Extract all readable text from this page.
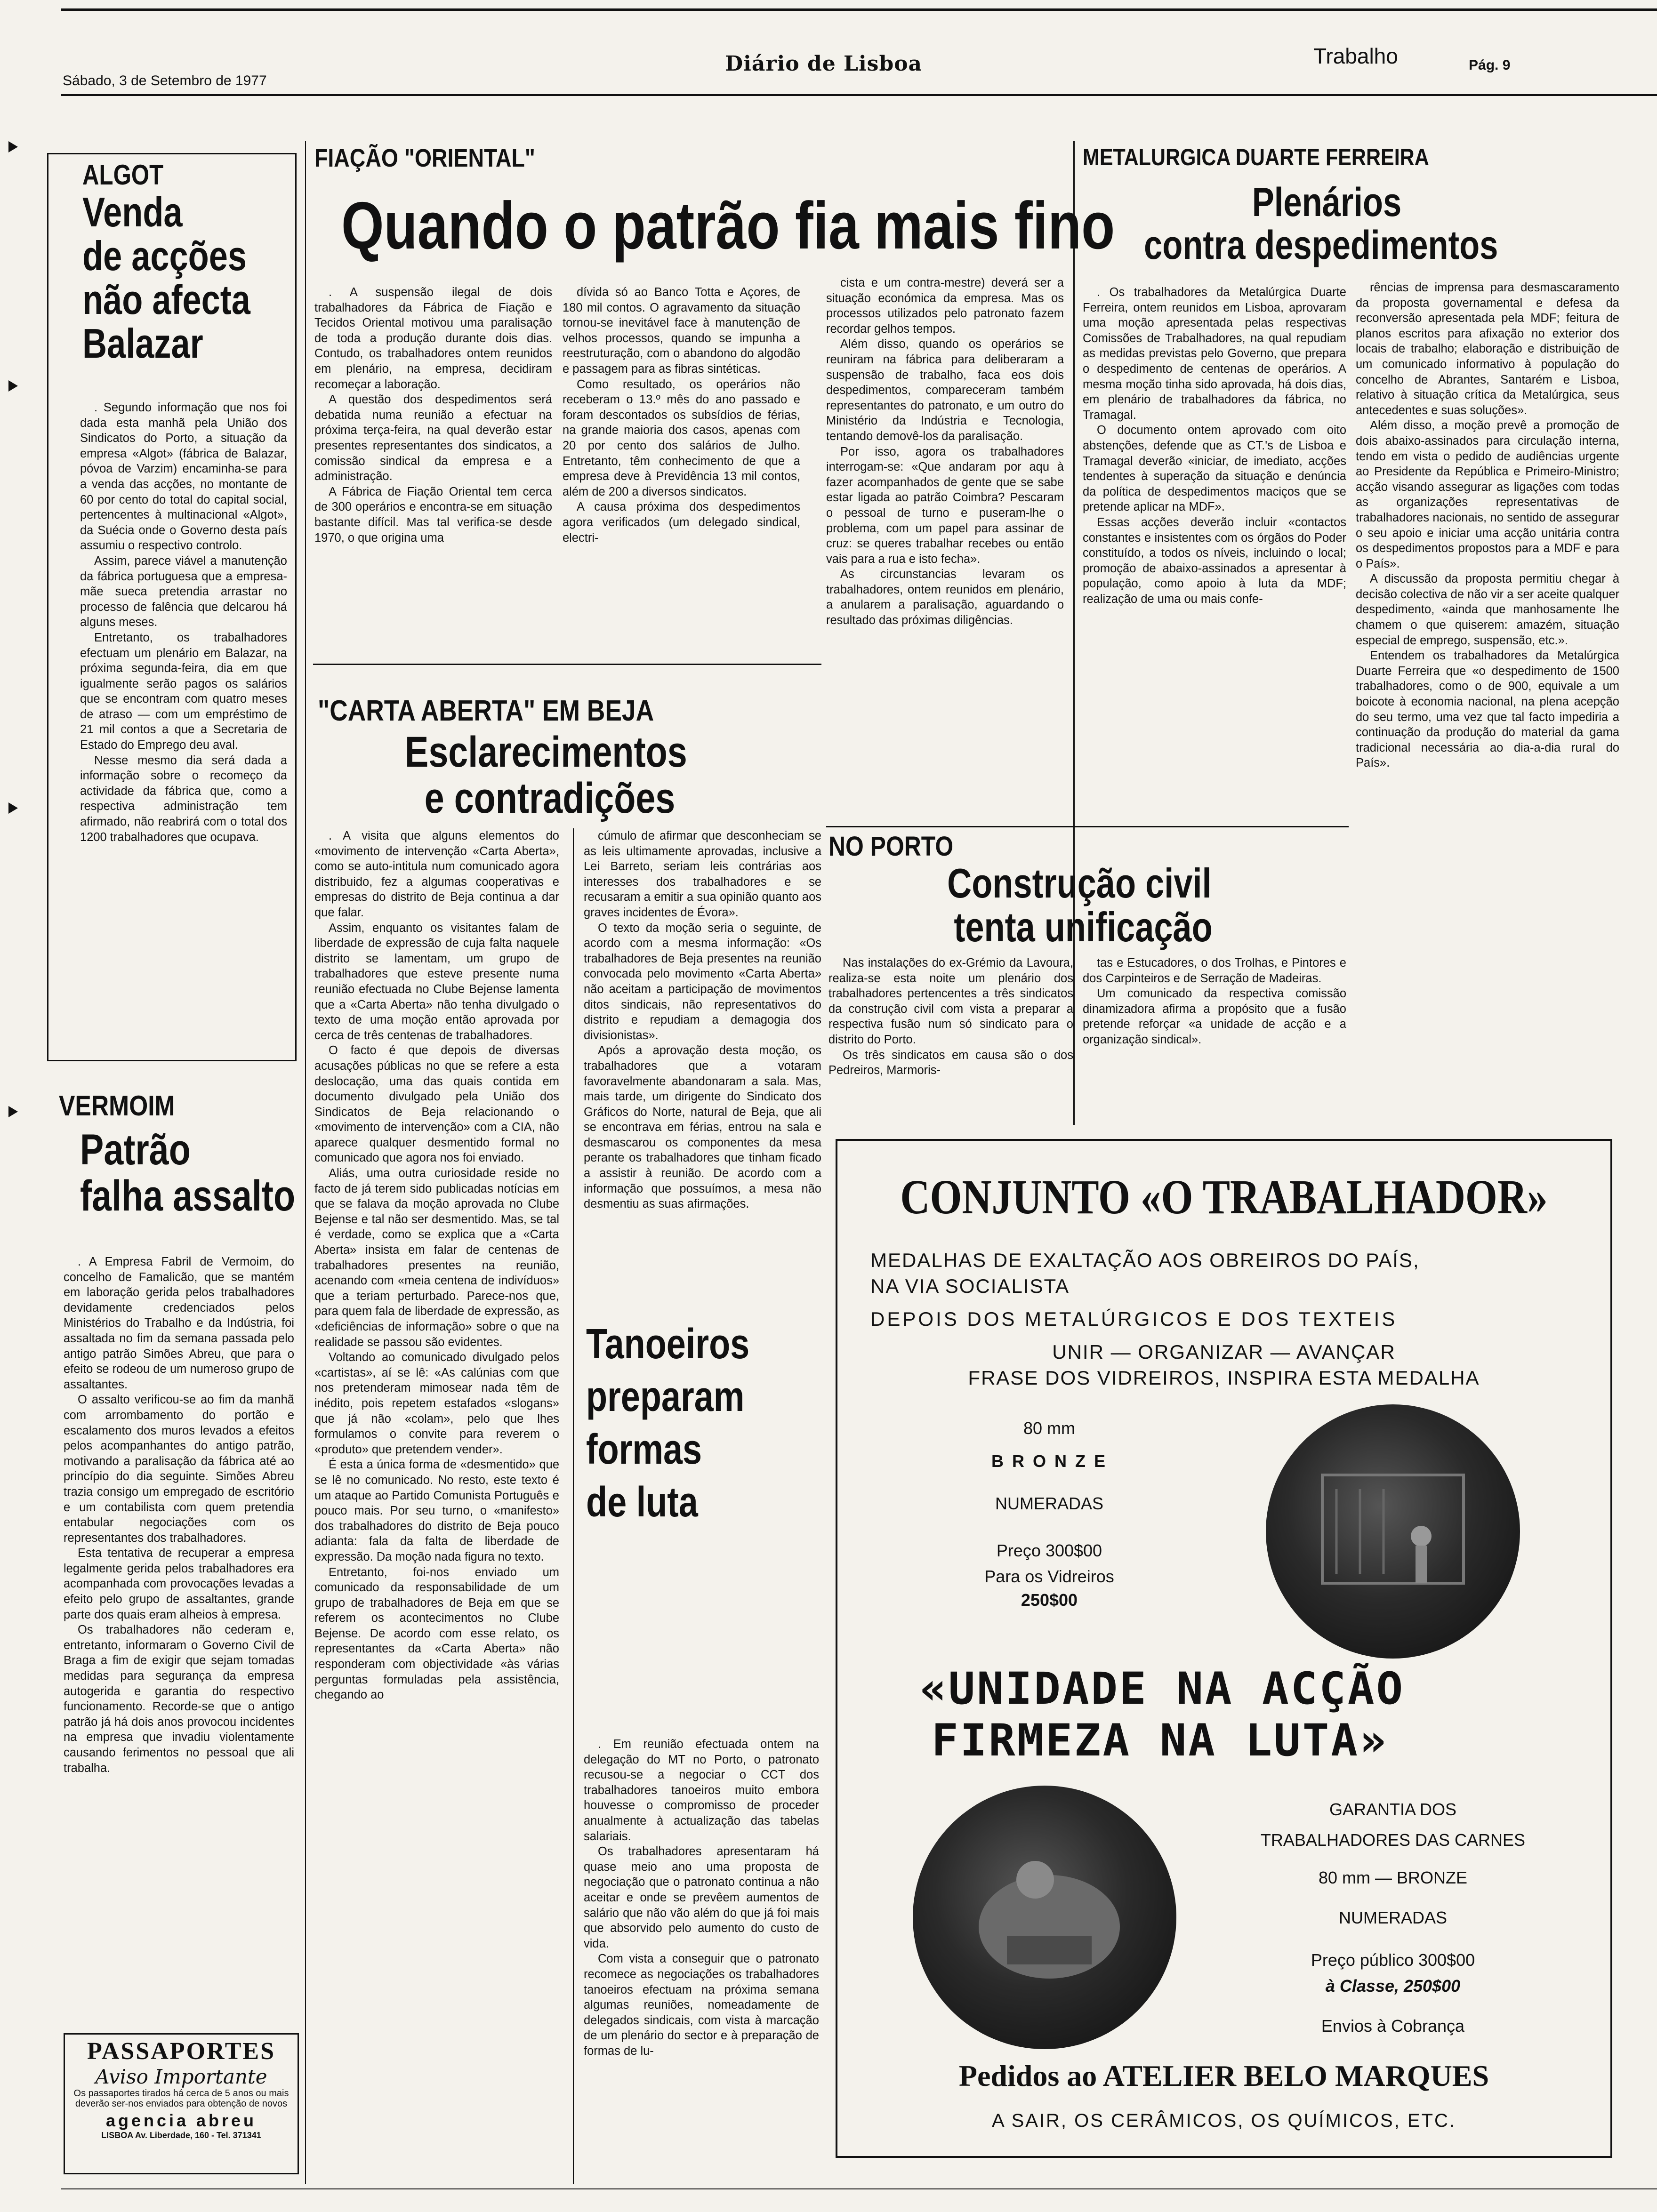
Sábado, 3 de Setembro de 1977
Diário de Lisboa	Trabalho	Pág. 9
ALGOT
Venda
de acções
não afecta
Balazar

. Segundo informação que nos foi dada esta manhã pela União dos Sindicatos do Porto, a situação da empresa «Algot» (fábrica de Balazar, póvoa de Varzim) encaminha-se para a venda das acções, no montante de 60 por cento do total do capital social, pertencentes à multinacional «Algot», da Suécia onde o Governo desta país assumiu o respectivo controlo.

Assim, parece viável a manutenção da fábrica portuguesa que a empresa-mãe sueca pretendia arrastar no processo de falência que delcarou há alguns meses.

Entretanto, os trabalhadores efectuam um plenário em Balazar, na próxima segunda-feira, dia em que igualmente serão pagos os salários que se encontram com quatro meses de atraso — com um empréstimo de 21 mil contos a que a Secretaria de Estado do Emprego deu aval.

Nesse mesmo dia será dada a informação sobre o recomeço da actividade da fábrica que, como a respectiva administração tem afirmado, não reabrirá com o total dos 1200 trabalhadores que ocupava.

VERMOIM
Patrão
falha assalto

. A Empresa Fabril de Vermoim, do concelho de Famalicão, que se mantém em laboração gerida pelos trabalhadores devidamente credenciados pelos Ministérios do Trabalho e da Indústria, foi assaltada no fim da semana passada pelo antigo patrão Simões Abreu, que para o efeito se rodeou de um numeroso grupo de assaltantes.

O assalto verificou-se ao fim da manhã com arrombamento do portão e escalamento dos muros levados a efeitos pelos acompanhantes do antigo patrão, motivando a paralisação da fábrica até ao princípio do dia seguinte. Simões Abreu trazia consigo um empregado de escritório e um contabilista com quem pretendia entabular negociações com os representantes dos trabalhadores.

Esta tentativa de recuperar a empresa legalmente gerida pelos trabalhadores era acompanhada com provocações levadas a efeito pelo grupo de assaltantes, grande parte dos quais eram alheios à empresa.

Os trabalhadores não cederam e, entretanto, informaram o Governo Civil de Braga a fim de exigir que sejam tomadas medidas para segurança da empresa autogerida e garantia do respectivo funcionamento. Recorde-se que o antigo patrão já há dois anos provocou incidentes na empresa que invadiu violentamente causando ferimentos no pessoal que ali trabalha.

PASSAPORTES
Aviso Importante
Os passaportes tirados há cerca de 5 anos ou mais deverão ser-nos enviados para obtenção de novos
agencia abreu
LISBOA Av. Liberdade, 160 - Tel. 371341
FIAÇÃO "ORIENTAL"
Quando o patrão fia mais fino

. A suspensão ilegal de dois trabalhadores da Fábrica de Fiação e Tecidos Oriental motivou uma paralisação de toda a produção durante dois dias. Contudo, os trabalhadores ontem reunidos em plenário, na empresa, decidiram recomeçar a laboração.

A questão dos despedimentos será debatida numa reunião a efectuar na próxima terça-feira, na qual deverão estar presentes representantes dos sindicatos, a comissão sindical da empresa e a administração.

A Fábrica de Fiação Oriental tem cerca de 300 operários e encontra-se em situação bastante difícil. Mas tal verifica-se desde 1970, o que origina uma

dívida só ao Banco Totta e Açores, de 180 mil contos. O agravamento da situação tornou-se inevitável face à manutenção de velhos processos, quando se impunha a reestruturação, com o abandono do algodão e passagem para as fibras sintéticas.

Como resultado, os operários não receberam o 13.º mês do ano passado e foram descontados os subsídios de férias, na grande maioria dos casos, apenas com 20 por cento dos salários de Julho. Entretanto, têm conhecimento de que a empresa deve à Previdência 13 mil contos, além de 200 a diversos sindicatos.

A causa próxima dos despedimentos agora verificados (um delegado sindical, electri-

cista e um contra-mestre) deverá ser a situação económica da empresa. Mas os processos utilizados pelo patronato fazem recordar gelhos tempos.

Além disso, quando os operários se reuniram na fábrica para deliberaram a suspensão de trabalho, faca eos dois despedimentos, compareceram também representantes do patronato, e um outro do Ministério da Indústria e Tecnologia, tentando demovê-los da paralisação.

Por isso, agora os trabalhadores interrogam-se: «Que andaram por aqu à fazer acompanhados de gente que se sabe estar ligada ao patrão Coimbra? Pescaram o pessoal de turno e puseram-lhe o problema, com um papel para assinar de cruz: se queres trabalhar recebes ou então vais para a rua e isto fecha».

As circunstancias levaram os trabalhadores, ontem reunidos em plenário, a anularem a paralisação, aguardando o resultado das próximas diligências.

METALURGICA DUARTE FERREIRA
Plenários
contra despedimentos

. Os trabalhadores da Metalúrgica Duarte Ferreira, ontem reunidos em Lisboa, aprovaram uma moção apresentada pelas respectivas Comissões de Trabalhadores, na qual repudiam as medidas previstas pelo Governo, que prepara o despedimento de centenas de operários. A mesma moção tinha sido aprovada, há dois dias, em plenário de trabalhadores da fábrica, no Tramagal.

O documento ontem aprovado com oito abstenções, defende que as CT.'s de Lisboa e Tramagal deverão «iniciar, de imediato, acções tendentes à superação da situação e denúncia da política de despedimentos maciços que se pretende aplicar na MDF».

Essas acções deverão incluir «contactos constantes e insistentes com os órgãos do Poder constituído, a todos os níveis, incluindo o local; promoção de abaixo-assinados a apresentar à população, como apoio à luta da MDF; realização de uma ou mais confe-

rências de imprensa para desmascaramento da proposta governamental e defesa da reconversão apresentada pela MDF; feitura de planos escritos para afixação no exterior dos locais de trabalho; elaboração e distribuição de um comunicado informativo à população do concelho de Abrantes, Santarém e Lisboa, relativo à situação crítica da Metalúrgica, seus antecedentes e suas soluções».

Além disso, a moção prevê a promoção de dois abaixo-assinados para circulação interna, tendo em vista o pedido de audiências urgente ao Presidente da República e Primeiro-Ministro; acção visando assegurar as ligações com todas as organizações representativas de trabalhadores nacionais, no sentido de assegurar o seu apoio e iniciar uma acção unitária contra os despedimentos propostos para a MDF e para o País».

A discussão da proposta permitiu chegar à decisão colectiva de não vir a ser aceite qualquer despedimento, «ainda que manhosamente lhe chamem o que quiserem: amazém, situação especial de emprego, suspensão, etc.».

Entendem os trabalhadores da Metalúrgica Duarte Ferreira que «o despedimento de 1500 trabalhadores, como o de 900, equivale a um boicote à economia nacional, na plena acepção do seu termo, uma vez que tal facto impediria a continuação da produção do material da gama tradicional necessária ao dia-a-dia rural do País».

"CARTA ABERTA" EM BEJA
Esclarecimentos
e contradições

. A visita que alguns elementos do «movimento de intervenção «Carta Aberta», como se auto-intitula num comunicado agora distribuido, fez a algumas cooperativas e empresas do distrito de Beja continua a dar que falar.

Assim, enquanto os visitantes falam de liberdade de expressão de cuja falta naquele distrito se lamentam, um grupo de trabalhadores que esteve presente numa reunião efectuada no Clube Bejense lamenta que a «Carta Aberta» não tenha divulgado o texto de uma moção então aprovada por cerca de três centenas de trabalhadores.

O facto é que depois de diversas acusações públicas no que se refere a esta deslocação, uma das quais contida em documento divulgado pela União dos Sindicatos de Beja relacionando o «movimento de intervenção» com a CIA, não aparece qualquer desmentido formal no comunicado que agora nos foi enviado.

Aliás, uma outra curiosidade reside no facto de já terem sido publicadas notícias em que se falava da moção aprovada no Clube Bejense e tal não ser desmentido. Mas, se tal é verdade, como se explica que a «Carta Aberta» insista em falar de centenas de trabalhadores presentes na reunião, acenando com «meia centena de indivíduos» que a teriam perturbado. Parece-nos que, para quem fala de liberdade de expressão, as «deficiências de informação» sobre o que na realidade se passou são evidentes.

Voltando ao comunicado divulgado pelos «cartistas», aí se lê: «As calúnias com que nos pretenderam mimosear nada têm de inédito, pois repetem estafados «slogans» que já não «colam», pelo que lhes formulamos o convite para reverem o «produto» que pretendem vender».

É esta a única forma de «desmentido» que se lê no comunicado. No resto, este texto é um ataque ao Partido Comunista Português e pouco mais. Por seu turno, o «manifesto» dos trabalhadores do distrito de Beja pouco adianta: fala da falta de liberdade de expressão. Da moção nada figura no texto.

Entretanto, foi-nos enviado um comunicado da responsabilidade de um grupo de trabalhadores de Beja em que se referem os acontecimentos no Clube Bejense. De acordo com esse relato, os representantes da «Carta Aberta» não responderam com objectividade «às várias perguntas formuladas pela assistência, chegando ao

cúmulo de afirmar que desconheciam se as leis ultimamente aprovadas, inclusive a Lei Barreto, seriam leis contrárias aos interesses dos trabalhadores e se recusaram a emitir a sua opinião quanto aos graves incidentes de Évora».

O texto da moção seria o seguinte, de acordo com a mesma informação: «Os trabalhadores de Beja presentes na reunião convocada pelo movimento «Carta Aberta» não aceitam a participação de movimentos ditos sindicais, não representativos do distrito e repudiam a demagogia dos divisionistas».

Após a aprovação desta moção, os trabalhadores que a votaram favoravelmente abandonaram a sala. Mas, mais tarde, um dirigente do Sindicato dos Gráficos do Norte, natural de Beja, que ali se encontrava em férias, entrou na sala e desmascarou os componentes da mesa perante os trabalhadores que tinham ficado a assistir à reunião. De acordo com a informação que possuímos, a mesa não desmentiu as suas afirmações.

NO PORTO
Construção civil
tenta unificação

Nas instalações do ex-Grémio da Lavoura, realiza-se esta noite um plenário dos trabalhadores pertencentes a três sindicatos da construção civil com vista a preparar a respectiva fusão num só sindicato para o distrito do Porto.

Os três sindicatos em causa são o dos Pedreiros, Marmoris-

tas e Estucadores, o dos Trolhas, e Pintores e dos Carpinteiros e de Serração de Madeiras.

Um comunicado da respectiva comissão dinamizadora afirma a propósito que a fusão pretende reforçar «a unidade de acção e a organização sindical».

Tanoeiros
preparam
formas
de luta

. Em reunião efectuada ontem na delegação do MT no Porto, o patronato recusou-se a negociar o CCT dos trabalhadores tanoeiros muito embora houvesse o compromisso de proceder anualmente à actualização das tabelas salariais.

Os trabalhadores apresentaram há quase meio ano uma proposta de negociação que o patronato continua a não aceitar e onde se prevêem aumentos de salário que não vão além do que já foi mais que absorvido pelo aumento do custo de vida.

Com vista a conseguir que o patronato recomece as negociações os trabalhadores tanoeiros efectuam na próxima semana algumas reuniões, nomeadamente de delegados sindicais, com vista à marcação de um plenário do sector e à preparação de formas de lu-

CONJUNTO «O TRABALHADOR»
MEDALHAS DE EXALTAÇÃO AOS OBREIROS DO PAÍS,
NA VIA SOCIALISTA
DEPOIS DOS METALÚRGICOS E DOS TEXTEIS
UNIR — ORGANIZAR — AVANÇAR
FRASE DOS VIDREIROS, INSPIRA ESTA MEDALHA
80 mm
B R O N Z E
NUMERADAS
Preço 300$00
Para os Vidreiros
250$00
«UNIDADE NA ACÇÃO
FIRMEZA NA LUTA»
GARANTIA DOS
TRABALHADORES DAS CARNES
80 mm — BRONZE
NUMERADAS
Preço público 300$00
à Classe, 250$00
Envios à Cobrança
Pedidos ao ATELIER BELO MARQUES
A SAIR, OS CERÂMICOS, OS QUÍMICOS, ETC.
